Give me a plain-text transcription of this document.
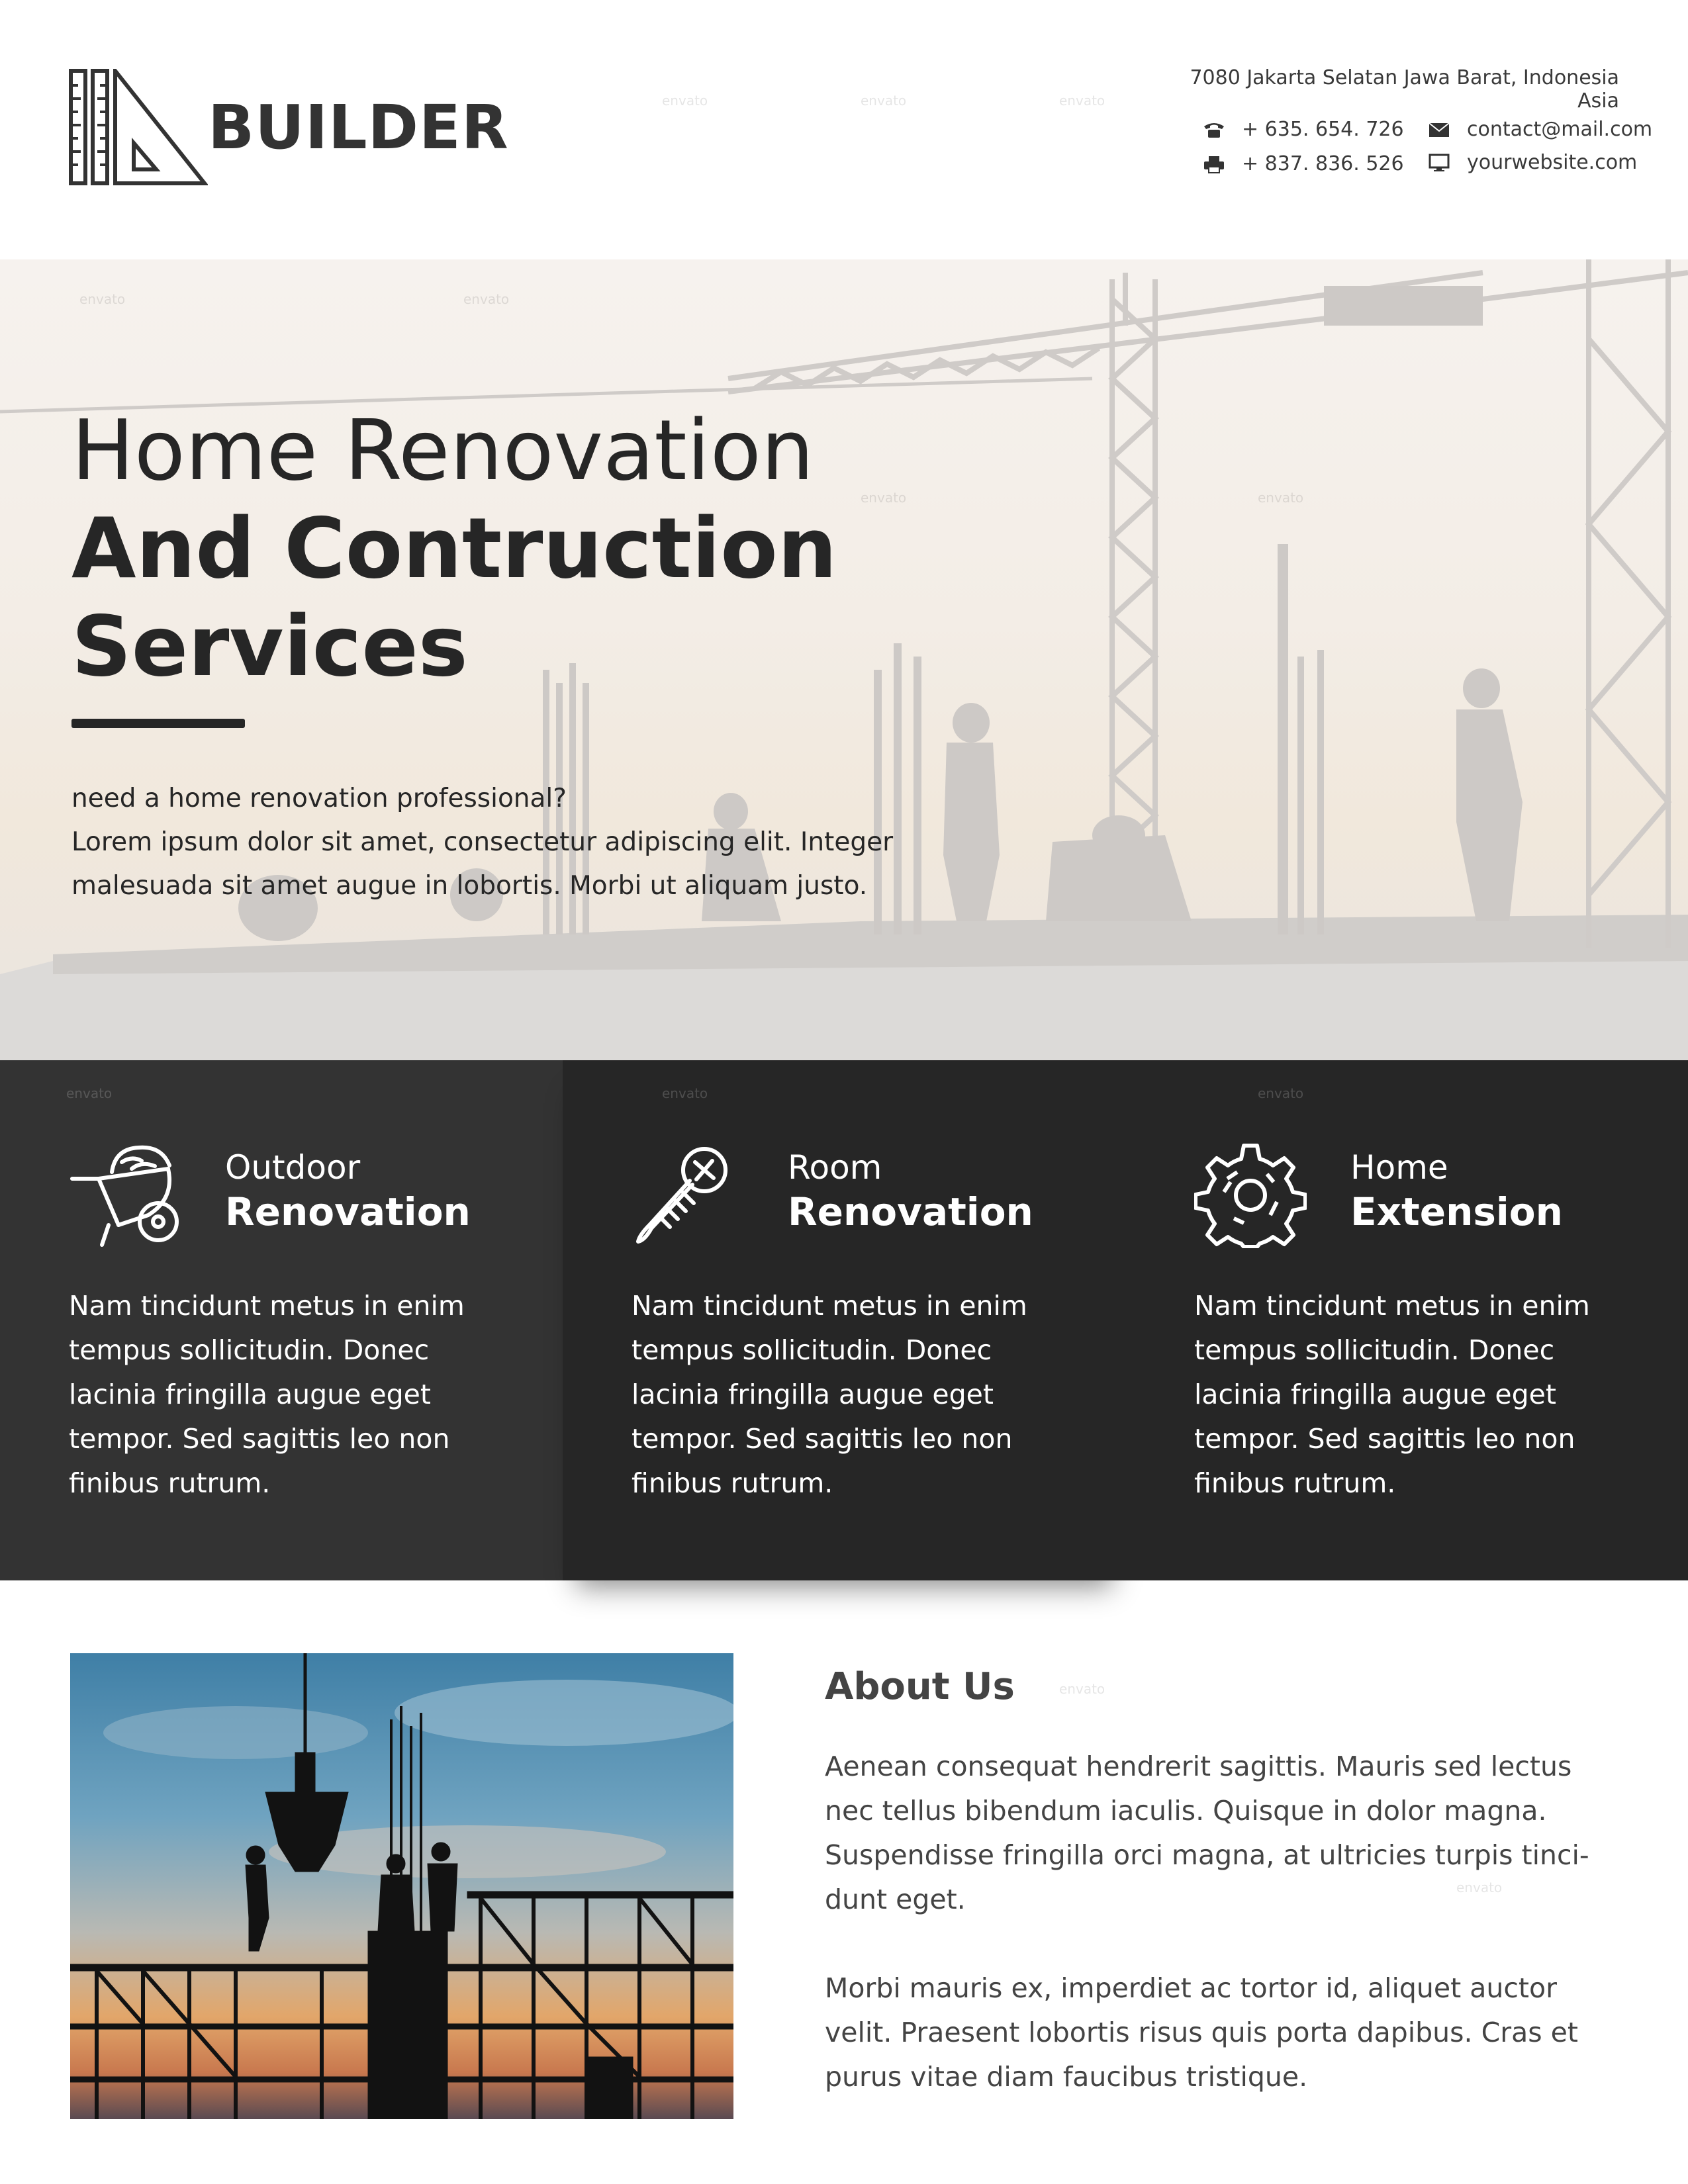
BUILDER
7080 Jakarta Selatan Jawa Barat, Indonesia Asia
+ 635. 654. 726
+ 837. 836. 526
contact@mail.com
yourwebsite.com
Home Renovation
And Contruction
Services
need a home renovation professional?
Lorem ipsum dolor sit amet, consectetur adipiscing elit. Integer
malesuada sit amet augue in lobortis. Morbi ut aliquam justo.
Outdoor
Renovation
Nam tincidunt metus in enim tempus sollicitudin. Donec lacinia fringilla augue eget tempor. Sed sagittis leo non finibus rutrum.
Room
Renovation
Nam tincidunt metus in enim tempus sollicitudin. Donec lacinia fringilla augue eget tempor. Sed sagittis leo non finibus rutrum.
Home
Extension
Nam tincidunt metus in enim tempus sollicitudin. Donec lacinia fringilla augue eget tempor. Sed sagittis leo non finibus rutrum.
About Us

Aenean consequat hendrerit sagittis. Mauris sed lectus nec tellus bibendum iaculis. Quisque in dolor magna. Suspendisse fringilla orci magna, at ultricies turpis tinci-dunt eget.

Morbi mauris ex, imperdiet ac tortor id, aliquet auctor velit. Praesent lobortis risus quis porta dapibus. Cras et purus vitae diam faucibus tristique.

envato	envato	envato
envato	envato
envato	envato
envato	envato	envato
envato
envato
